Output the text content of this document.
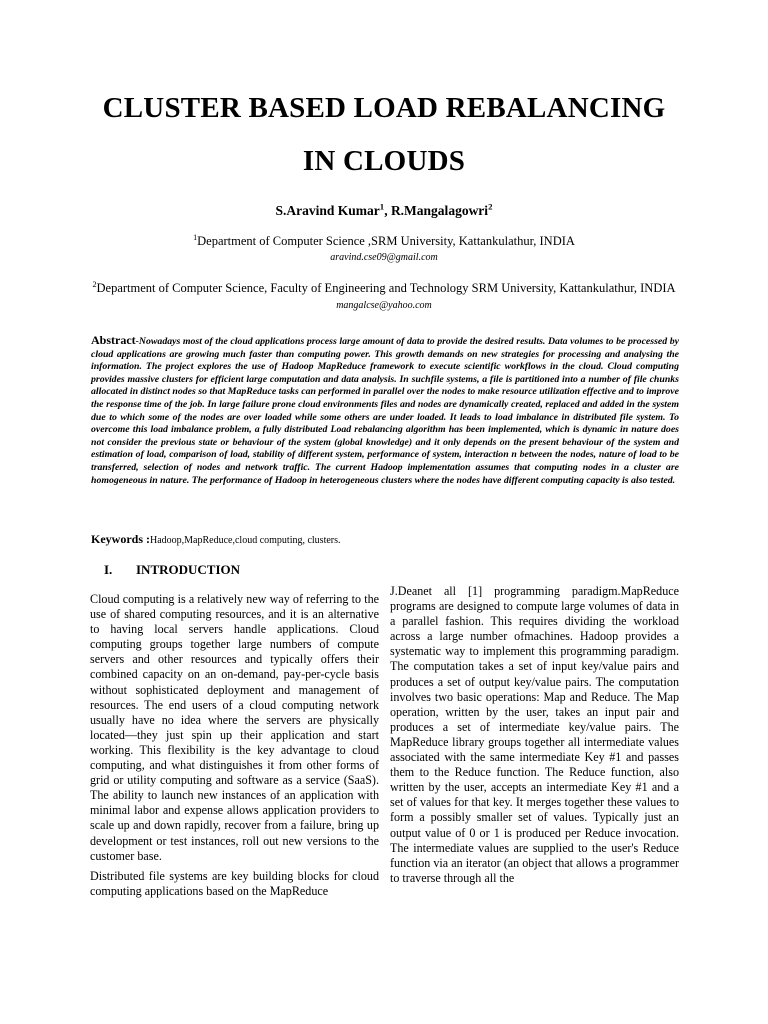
CLUSTER BASED LOAD REBALANCING
IN CLOUDS
S.Aravind Kumar$^1$, R.Mangalagowri$^2$
$^1$Department of Computer Science ,SRM University, Kattankulathur, INDIA
aravind.cse09@gmail.com
$^2$Department of Computer Science, Faculty of Engineering and Technology SRM University, Kattankulathur, INDIA
mangalcse@yahoo.com
Abstract-Nowadays most of the cloud applications process large amount of data to provide the desired results. Data volumes to be processed by cloud applications are growing much faster than computing power. This growth demands on new strategies for processing and analysing the information. The project explores the use of Hadoop MapReduce framework to execute scientific workflows in the cloud. Cloud computing provides massive clusters for efficient large computation and data analysis. In suchfile systems, a file is partitioned into a number of file chunks allocated in distinct nodes so that MapReduce tasks can performed in parallel over the nodes to make resource utilization effective and to improve the response time of the job. In large failure prone cloud environments files and nodes are dynamically created, replaced and added in the system due to which some of the nodes are over loaded while some others are under loaded. It leads to load imbalance in distributed file system. To overcome this load imbalance problem, a fully distributed Load rebalancing algorithm has been implemented, which is dynamic in nature does not consider the previous state or behaviour of the system (global knowledge) and it only depends on the present behaviour of the system and estimation of load, comparison of load, stability of different system, performance of system, interaction n between the nodes, nature of load to be transferred, selection of nodes and network traffic. The current Hadoop implementation assumes that computing nodes in a cluster are homogeneous in nature. The performance of Hadoop in heterogeneous clusters where the nodes have different computing capacity is also tested.
Keywords :Hadoop,MapReduce,cloud computing, clusters.
I. INTRODUCTION

Cloud computing is a relatively new way of referring to the use of shared computing resources, and it is an alternative to having local servers handle applications. Cloud computing groups together large numbers of compute servers and other resources and typically offers their combined capacity on an on-demand, pay-per-cycle basis without sophisticated deployment and management of resources. The end users of a cloud computing network usually have no idea where the servers are physically located—they just spin up their application and start working. This flexibility is the key advantage to cloud computing, and what distinguishes it from other forms of grid or utility computing and software as a service (SaaS). The ability to launch new instances of an application with minimal labor and expense allows application providers to scale up and down rapidly, recover from a failure, bring up development or test instances, roll out new versions to the customer base.

Distributed file systems are key building blocks for cloud computing applications based on the MapReduce

J.Deanet all [1] programming paradigm.MapReduce programs are designed to compute large volumes of data in a parallel fashion. This requires dividing the workload across a large number ofmachines. Hadoop provides a systematic way to implement this programming paradigm. The computation takes a set of input key/value pairs and produces a set of output key/value pairs. The computation involves two basic operations: Map and Reduce. The Map operation, written by the user, takes an input pair and produces a set of intermediate key/value pairs. The MapReduce library groups together all intermediate values associated with the same intermediate Key #1 and passes them to the Reduce function. The Reduce function, also written by the user, accepts an intermediate Key #1 and a set of values for that key. It merges together these values to form a possibly smaller set of values. Typically just an output value of 0 or 1 is produced per Reduce invocation. The intermediate values are supplied to the user's Reduce function via an iterator (an object that allows a programmer to traverse through all the
